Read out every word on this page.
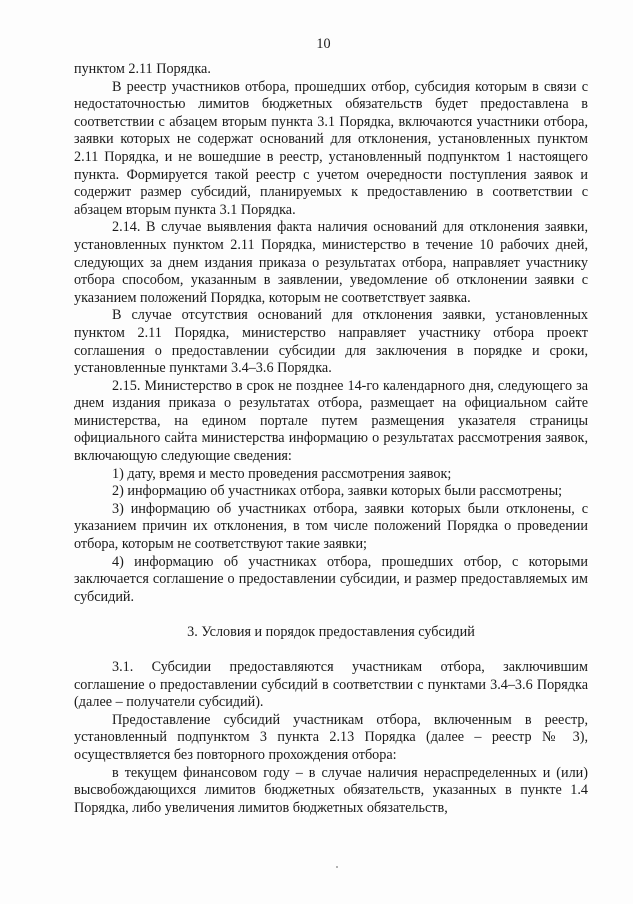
10

пунктом 2.11 Порядка.

В реестр участников отбора, прошедших отбор, субсидия которым в связи с недостаточностью лимитов бюджетных обязательств будет предоставлена в соответствии с абзацем вторым пункта 3.1 Порядка, включаются участники отбора, заявки которых не содержат оснований для отклонения, установленных пунктом 2.11 Порядка, и не вошедшие в реестр, установленный подпунктом 1 настоящего пункта. Формируется такой реестр с учетом очередности поступления заявок и содержит размер субсидий, планируемых к предоставлению в соответствии с абзацем вторым пункта 3.1 Порядка.

2.14. В случае выявления факта наличия оснований для отклонения заявки, установленных пунктом 2.11 Порядка, министерство в течение 10 рабочих дней, следующих за днем издания приказа о результатах отбора, направляет участнику отбора способом, указанным в заявлении, уведомление об отклонении заявки с указанием положений Порядка, которым не соответствует заявка.

В случае отсутствия оснований для отклонения заявки, установленных пунктом 2.11 Порядка, министерство направляет участнику отбора проект соглашения о предоставлении субсидии для заключения в порядке и сроки, установленные пунктами 3.4–3.6 Порядка.

2.15. Министерство в срок не позднее 14-го календарного дня, следующего за днем издания приказа о результатах отбора, размещает на официальном сайте министерства, на едином портале путем размещения указателя страницы официального сайта министерства информацию о результатах рассмотрения заявок, включающую следующие сведения:

1) дату, время и место проведения рассмотрения заявок;

2) информацию об участниках отбора, заявки которых были рассмотрены;

3) информацию об участниках отбора, заявки которых были отклонены, с указанием причин их отклонения, в том числе положений Порядка о проведении отбора, которым не соответствуют такие заявки;

4) информацию об участниках отбора, прошедших отбор, с которыми заключается соглашение о предоставлении субсидии, и размер предоставляемых им субсидий.

3. Условия и порядок предоставления субсидий

3.1. Субсидии предоставляются участникам отбора, заключившим соглашение о предоставлении субсидий в соответствии с пунктами 3.4–3.6 Порядка (далее – получатели субсидий).

Предоставление субсидий участникам отбора, включенным в реестр, установленный подпунктом 3 пункта 2.13 Порядка (далее – реестр № 3), осуществляется без повторного прохождения отбора:

в текущем финансовом году – в случае наличия нераспределенных и (или) высвобождающихся лимитов бюджетных обязательств, указанных в пункте 1.4 Порядка, либо увеличения лимитов бюджетных обязательств,
